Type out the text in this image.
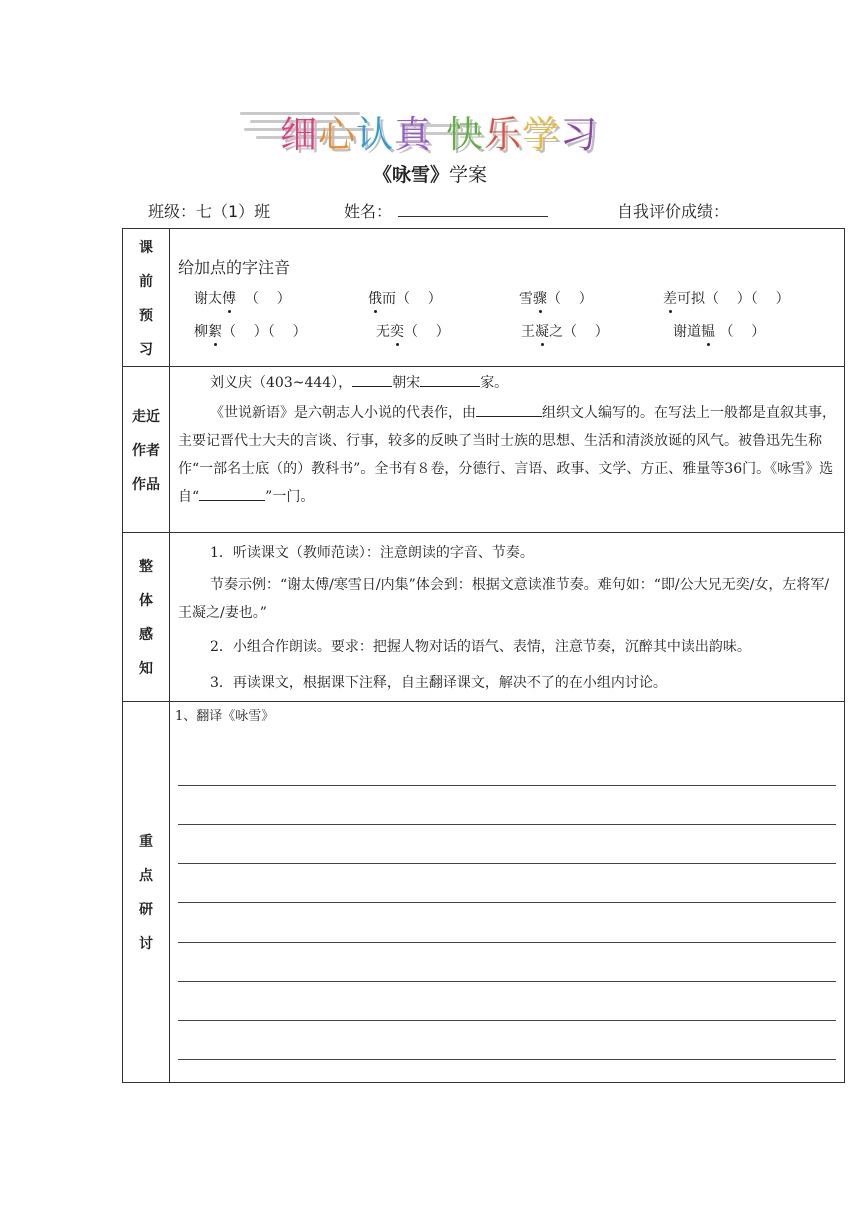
细心认真 快乐学习
《咏雪》学案
班级：七（1）班	姓名：	自我评价成绩：
课
前
预
习
给加点的字注音
谢太傅  （    ）	俄而（    ）	雪骤（    ）	差可拟（    ）（    ）
柳絮（    ）（    ）	无奕（    ）	王凝之（    ）	谢道韫 （    ）
走近
作者
作品
刘义庆（403~444），	朝宋	家。
《世说新语》是六朝志人小说的代表作，由	组织文人编写的。在写法上一般都是直叙其事，主要记晋代士大夫的言谈、行事，较多的反映了当时士族的思想、生活和清淡放诞的风气。被鲁迅先生称作“一部名士底（的）教科书”。全书有８卷，分德行、言语、政事、文学、方正、雅量等36门。《咏雪》选自“	”一门。
整
体
感
知
1．听读课文（教师范读）：注意朗读的字音、节奏。
节奏示例：“谢太傅/寒雪日/内集”体会到：根据文意读准节奏。难句如：“即/公大兄无奕/女，左将军/王凝之/妻也。”
2．小组合作朗读。要求：把握人物对话的语气、表情，注意节奏，沉醉其中读出韵味。
3．再读课文，根据课下注释，自主翻译课文，解决不了的在小组内讨论。
重
点
研
讨
1、翻译《咏雪》
